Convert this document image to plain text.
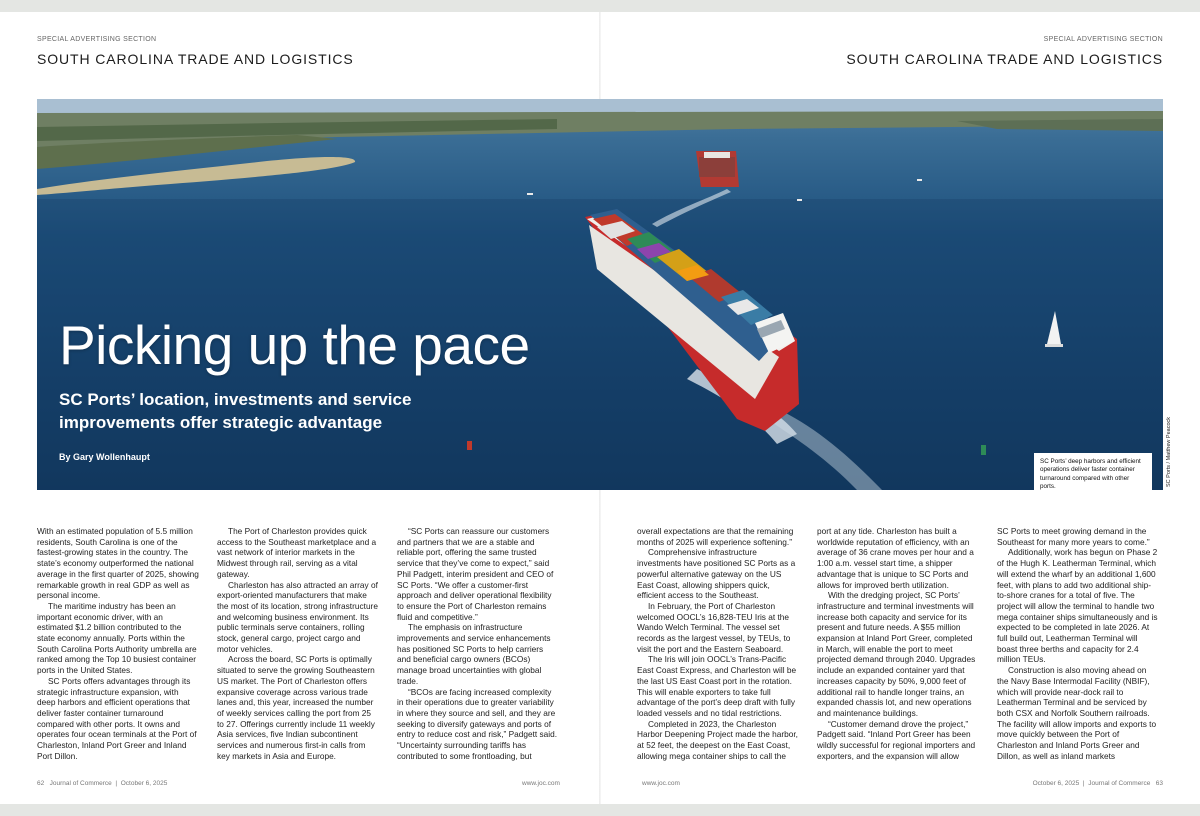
SPECIAL ADVERTISING SECTION
SOUTH CAROLINA TRADE AND LOGISTICS
SPECIAL ADVERTISING SECTION
SOUTH CAROLINA TRADE AND LOGISTICS
Picking up the pace

SC Ports’ location, investments and service improvements offer strategic advantage

By Gary Wollenhaupt	SC Ports’ deep harbors and efficient operations deliver faster container turnaround compared with other ports.	SC Ports / Matthew Peacock

With an estimated population of 5.5 million residents, South Carolina is one of the fastest-growing states in the country. The state’s economy outperformed the national average in the first quarter of 2025, showing remarkable growth in real GDP as well as personal income.

The maritime industry has been an important economic driver, with an estimated $1.2 billion contributed to the state economy annually. Ports within the South Carolina Ports Authority umbrella are ranked among the Top 10 busiest container ports in the United States.

SC Ports offers advantages through its strategic infrastructure expansion, with deep harbors and efficient operations that deliver faster container turnaround compared with other ports. It owns and operates four ocean terminals at the Port of Charleston, Inland Port Greer and Inland Port Dillon.

The Port of Charleston provides quick access to the Southeast marketplace and a vast network of interior markets in the Midwest through rail, serving as a vital gateway.

Charleston has also attracted an array of export-oriented manufacturers that make the most of its location, strong infrastructure and welcoming business environment. Its public terminals serve containers, rolling stock, general cargo, project cargo and motor vehicles.

Across the board, SC Ports is optimally situated to serve the growing Southeastern US market. The Port of Charleston offers expansive coverage across various trade lanes and, this year, increased the number of weekly services calling the port from 25 to 27. Offerings currently include 11 weekly Asia services, five Indian subcontinent services and numerous first-in calls from key markets in Asia and Europe.

“SC Ports can reassure our customers and partners that we are a stable and reliable port, offering the same trusted service that they’ve come to expect,” said Phil Padgett, interim president and CEO of SC Ports. “We offer a customer-first approach and deliver operational flexibility to ensure the Port of Charleston remains fluid and competitive.”

The emphasis on infrastructure improvements and service enhancements has positioned SC Ports to help carriers and beneficial cargo owners (BCOs) manage broad uncertainties with global trade.

“BCOs are facing increased complexity in their operations due to greater variability in where they source and sell, and they are seeking to diversify gateways and ports of entry to reduce cost and risk,” Padgett said. “Uncertainty surrounding tariffs has contributed to some frontloading, but

overall expectations are that the remaining months of 2025 will experience softening.”

Comprehensive infrastructure investments have positioned SC Ports as a powerful alternative gateway on the US East Coast, allowing shippers quick, efficient access to the Southeast.

In February, the Port of Charleston welcomed OOCL’s 16,828-TEU Iris at the Wando Welch Terminal. The vessel set records as the largest vessel, by TEUs, to visit the port and the Eastern Seaboard.

The Iris will join OOCL’s Trans-Pacific East Coast Express, and Charleston will be the last US East Coast port in the rotation. This will enable exporters to take full advantage of the port’s deep draft with fully loaded vessels and no tidal restrictions.

Completed in 2023, the Charleston Harbor Deepening Project made the harbor, at 52 feet, the deepest on the East Coast, allowing mega container ships to call the

port at any tide. Charleston has built a worldwide reputation of efficiency, with an average of 36 crane moves per hour and a 1:00 a.m. vessel start time, a shipper advantage that is unique to SC Ports and allows for improved berth utilization.

With the dredging project, SC Ports’ infrastructure and terminal investments will increase both capacity and service for its present and future needs. A $55 million expansion at Inland Port Greer, completed in March, will enable the port to meet projected demand through 2040. Upgrades include an expanded container yard that increases capacity by 50%, 9,000 feet of additional rail to handle longer trains, an expanded chassis lot, and new operations and maintenance buildings.

“Customer demand drove the project,” Padgett said. “Inland Port Greer has been wildly successful for regional importers and exporters, and the expansion will allow

SC Ports to meet growing demand in the Southeast for many more years to come.”

Additionally, work has begun on Phase 2 of the Hugh K. Leatherman Terminal, which will extend the wharf by an additional 1,600 feet, with plans to add two additional ship-to-shore cranes for a total of five. The project will allow the terminal to handle two mega container ships simultaneously and is expected to be completed in late 2026. At full build out, Leatherman Terminal will boast three berths and capacity for 2.4 million TEUs.

Construction is also moving ahead on the Navy Base Intermodal Facility (NBIF), which will provide near-dock rail to Leatherman Terminal and be serviced by both CSX and Norfolk Southern railroads. The facility will allow imports and exports to move quickly between the Port of Charleston and Inland Ports Greer and Dillon, as well as inland markets

62 Journal of Commerce | October 6, 2025	www.joc.com	www.joc.com	October 6, 2025 | Journal of Commerce 63
